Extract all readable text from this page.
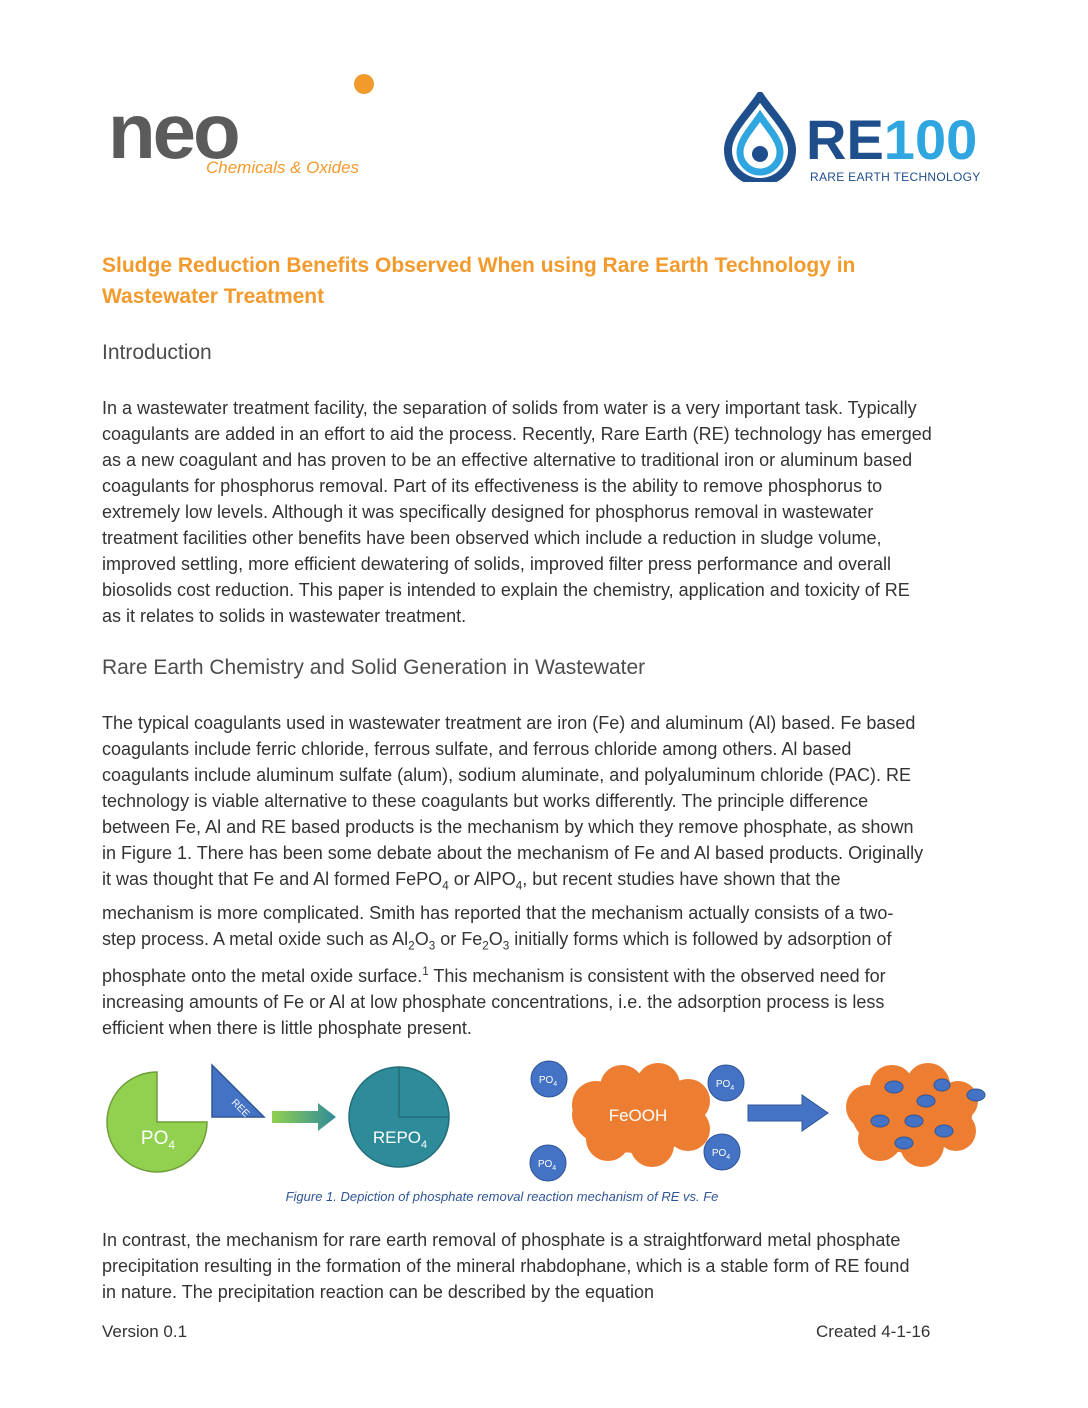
neo
Chemicals & Oxides	RE100
RARE EARTH TECHNOLOGY
Sludge Reduction Benefits Observed When using Rare Earth Technology in
Wastewater Treatment
Introduction
In a wastewater treatment facility, the separation of solids from water is a very important task. Typically
coagulants are added in an effort to aid the process. Recently, Rare Earth (RE) technology has emerged
as a new coagulant and has proven to be an effective alternative to traditional iron or aluminum based
coagulants for phosphorus removal. Part of its effectiveness is the ability to remove phosphorus to
extremely low levels. Although it was specifically designed for phosphorus removal in wastewater
treatment facilities other benefits have been observed which include a reduction in sludge volume,
improved settling, more efficient dewatering of solids, improved filter press performance and overall
biosolids cost reduction. This paper is intended to explain the chemistry, application and toxicity of RE
as it relates to solids in wastewater treatment.
Rare Earth Chemistry and Solid Generation in Wastewater
The typical coagulants used in wastewater treatment are iron (Fe) and aluminum (Al) based. Fe based
coagulants include ferric chloride, ferrous sulfate, and ferrous chloride among others. Al based
coagulants include aluminum sulfate (alum), sodium aluminate, and polyaluminum chloride (PAC). RE
technology is viable alternative to these coagulants but works differently. The principle difference
between Fe, Al and RE based products is the mechanism by which they remove phosphate, as shown
in Figure 1. There has been some debate about the mechanism of Fe and Al based products. Originally
it was thought that Fe and Al formed FePO$_4$ or AlPO$_4$, but recent studies have shown that the
mechanism is more complicated. Smith has reported that the mechanism actually consists of a two-
step process. A metal oxide such as $Al_2O_3$ or $Fe_2O_3$ initially forms which is followed by adsorption of
phosphate onto the metal oxide surface.$^1$ This mechanism is consistent with the observed need for
increasing amounts of Fe or Al at low phosphate concentrations, i.e. the adsorption process is less
efficient when there is little phosphate present.
$PO_4$
REE
$REPO_4$
FeOOH
$PO_4$	$PO_4$
$PO_4$
$PO_4$
Figure 1. Depiction of phosphate removal reaction mechanism of RE vs. Fe
In contrast, the mechanism for rare earth removal of phosphate is a straightforward metal phosphate
precipitation resulting in the formation of the mineral rhabdophane, which is a stable form of RE found
in nature. The precipitation reaction can be described by the equation
Version 0.1	Created 4-1-16
